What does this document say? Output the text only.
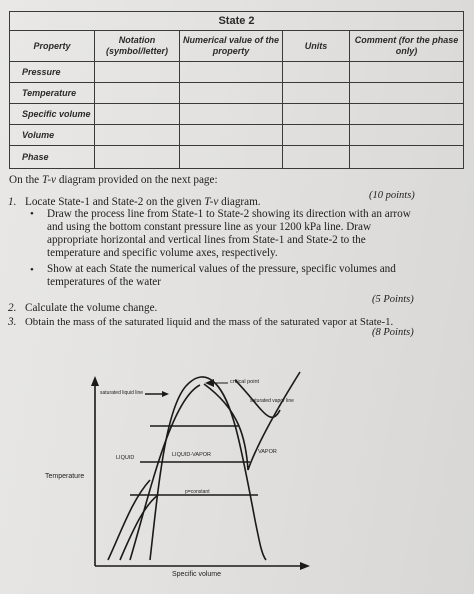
State 2				
Property	Notation (symbol/letter)	Numerical value of the property	Units	Comment (for the phase only)
Pressure				
Temperature				
Specific volume				
Volume				
Phase				
On the T-v diagram provided on the next page:
1. Locate State-1 and State-2 on the given T-v diagram.
(10 points)
• Draw the process line from State-1 to State-2 showing its direction with an arrow
and using the bottom constant pressure line as your 1200 kPa line. Draw
appropriate horizontal and vertical lines from State-1 and State-2 to the
temperature and specific volume axes, respectively.
• Show at each State the numerical values of the pressure, specific volumes and
temperatures of the water
2. Calculate the volume change.
(5 Points)
3. Obtain the mass of the saturated liquid and the mass of the saturated vapor at State-1.
(8 Points)
critical point
saturated vapor line
saturated liquid line
LIQUID	LIQUID-VAPOR	VAPOR
p=constant
Temperature
Specific volume
